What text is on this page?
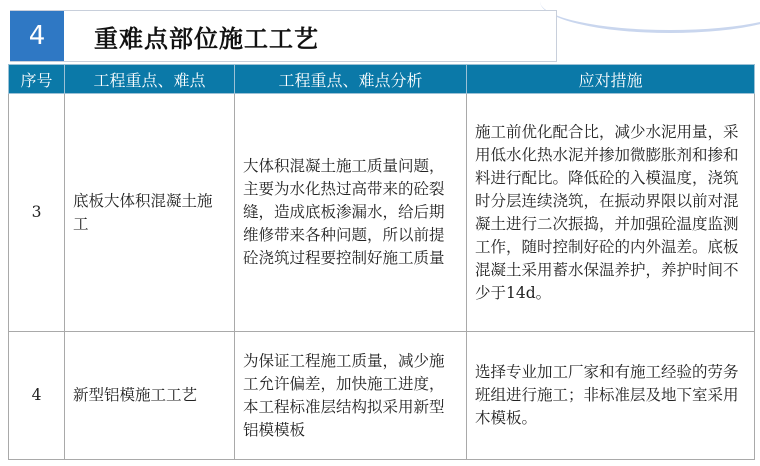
4	重难点部位施工工艺
序号	工程重点、难点	工程重点、难点分析	应对措施
3	底板大体积混凝土施工	大体积混凝土施工质量问题，主要为水化热过高带来的砼裂缝，造成底板渗漏水，给后期维修带来各种问题，所以前提砼浇筑过程要控制好施工质量	施工前优化配合比，减少水泥用量，采用低水化热水泥并掺加微膨胀剂和掺和料进行配比。降低砼的入模温度，浇筑时分层连续浇筑，在振动界限以前对混凝土进行二次振捣，并加强砼温度监测工作，随时控制好砼的内外温差。底板混凝土采用蓄水保温养护，养护时间不少于14d。
4	新型铝模施工工艺	为保证工程施工质量，减少施工允许偏差，加快施工进度，本工程标准层结构拟采用新型铝模模板	选择专业加工厂家和有施工经验的劳务班组进行施工；非标准层及地下室采用木模板。
